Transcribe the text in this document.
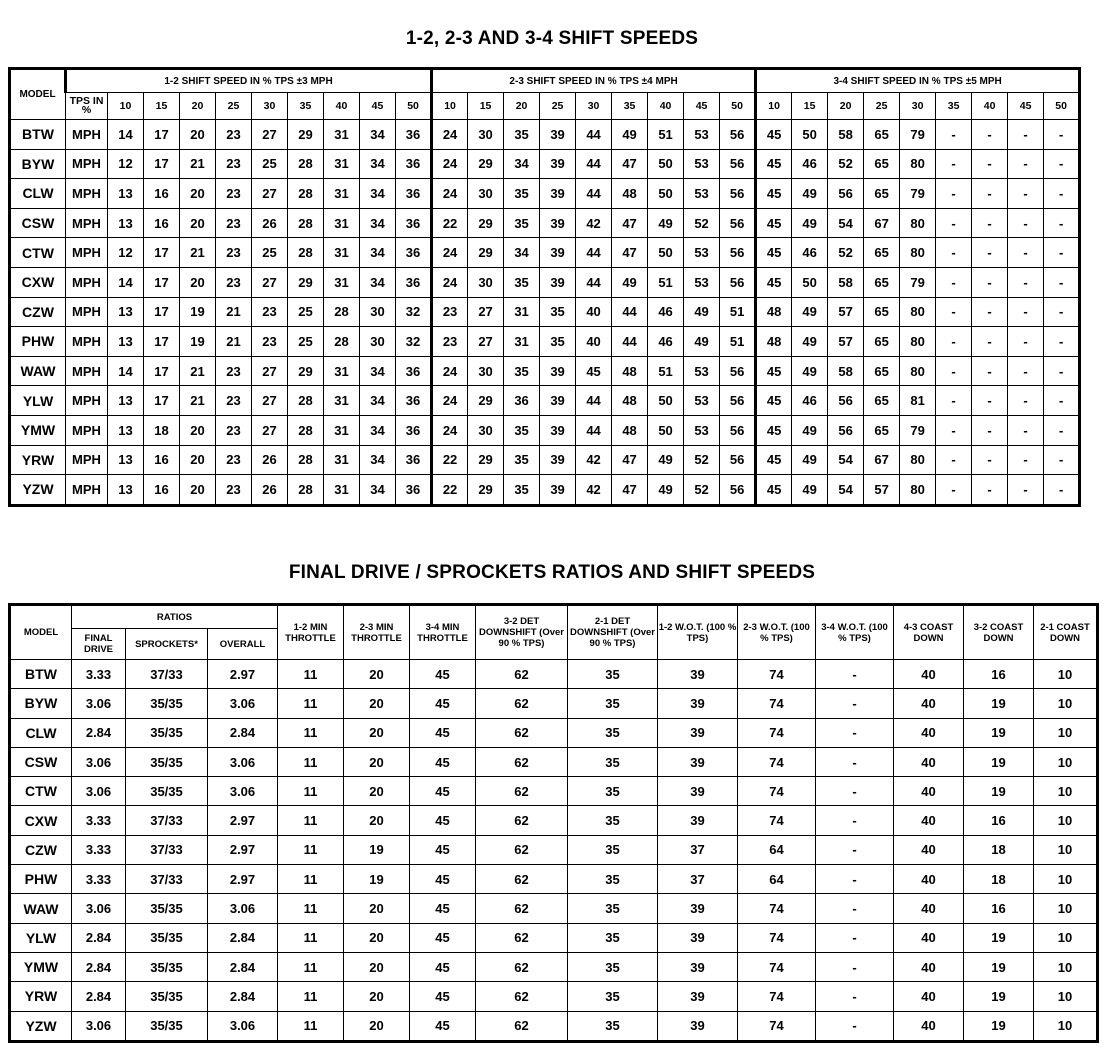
1-2, 2-3 AND 3-4 SHIFT SPEEDS
MODEL	1-2 SHIFT SPEED IN % TPS ±3 MPH										2-3 SHIFT SPEED IN % TPS ±4 MPH									3-4 SHIFT SPEED IN % TPS ±5 MPH								
	TPS IN %	10	15	20	25	30	35	40	45	50	10	15	20	25	30	35	40	45	50	10	15	20	25	30	35	40	45	50
BTW	MPH	14	17	20	23	27	29	31	34	36	24	30	35	39	44	49	51	53	56	45	50	58	65	79	-	-	-	-
BYW	MPH	12	17	21	23	25	28	31	34	36	24	29	34	39	44	47	50	53	56	45	46	52	65	80	-	-	-	-
CLW	MPH	13	16	20	23	27	28	31	34	36	24	30	35	39	44	48	50	53	56	45	49	56	65	79	-	-	-	-
CSW	MPH	13	16	20	23	26	28	31	34	36	22	29	35	39	42	47	49	52	56	45	49	54	67	80	-	-	-	-
CTW	MPH	12	17	21	23	25	28	31	34	36	24	29	34	39	44	47	50	53	56	45	46	52	65	80	-	-	-	-
CXW	MPH	14	17	20	23	27	29	31	34	36	24	30	35	39	44	49	51	53	56	45	50	58	65	79	-	-	-	-
CZW	MPH	13	17	19	21	23	25	28	30	32	23	27	31	35	40	44	46	49	51	48	49	57	65	80	-	-	-	-
PHW	MPH	13	17	19	21	23	25	28	30	32	23	27	31	35	40	44	46	49	51	48	49	57	65	80	-	-	-	-
WAW	MPH	14	17	21	23	27	29	31	34	36	24	30	35	39	45	48	51	53	56	45	49	58	65	80	-	-	-	-
YLW	MPH	13	17	21	23	27	28	31	34	36	24	29	36	39	44	48	50	53	56	45	46	56	65	81	-	-	-	-
YMW	MPH	13	18	20	23	27	28	31	34	36	24	30	35	39	44	48	50	53	56	45	49	56	65	79	-	-	-	-
YRW	MPH	13	16	20	23	26	28	31	34	36	22	29	35	39	42	47	49	52	56	45	49	54	67	80	-	-	-	-
YZW	MPH	13	16	20	23	26	28	31	34	36	22	29	35	39	42	47	49	52	56	45	49	54	57	80	-	-	-	-
FINAL DRIVE / SPROCKETS RATIOS AND SHIFT SPEEDS
MODEL	RATIOS			1-2 MIN THROTTLE	2-3 MIN THROTTLE	3-4 MIN THROTTLE	3-2 DET DOWNSHIFT (Over 90 % TPS)	2-1 DET DOWNSHIFT (Over 90 % TPS)	1-2 W.O.T. (100 % TPS)	2-3 W.O.T. (100 % TPS)	3-4 W.O.T. (100 % TPS)	4-3 COAST DOWN	3-2 COAST DOWN	2-1 COAST DOWN
	FINAL DRIVE	SPROCKETS*	OVERALL											
BTW	3.33	37/33	2.97	11	20	45	62	35	39	74	-	40	16	10
BYW	3.06	35/35	3.06	11	20	45	62	35	39	74	-	40	19	10
CLW	2.84	35/35	2.84	11	20	45	62	35	39	74	-	40	19	10
CSW	3.06	35/35	3.06	11	20	45	62	35	39	74	-	40	19	10
CTW	3.06	35/35	3.06	11	20	45	62	35	39	74	-	40	19	10
CXW	3.33	37/33	2.97	11	20	45	62	35	39	74	-	40	16	10
CZW	3.33	37/33	2.97	11	19	45	62	35	37	64	-	40	18	10
PHW	3.33	37/33	2.97	11	19	45	62	35	37	64	-	40	18	10
WAW	3.06	35/35	3.06	11	20	45	62	35	39	74	-	40	16	10
YLW	2.84	35/35	2.84	11	20	45	62	35	39	74	-	40	19	10
YMW	2.84	35/35	2.84	11	20	45	62	35	39	74	-	40	19	10
YRW	2.84	35/35	2.84	11	20	45	62	35	39	74	-	40	19	10
YZW	3.06	35/35	3.06	11	20	45	62	35	39	74	-	40	19	10
